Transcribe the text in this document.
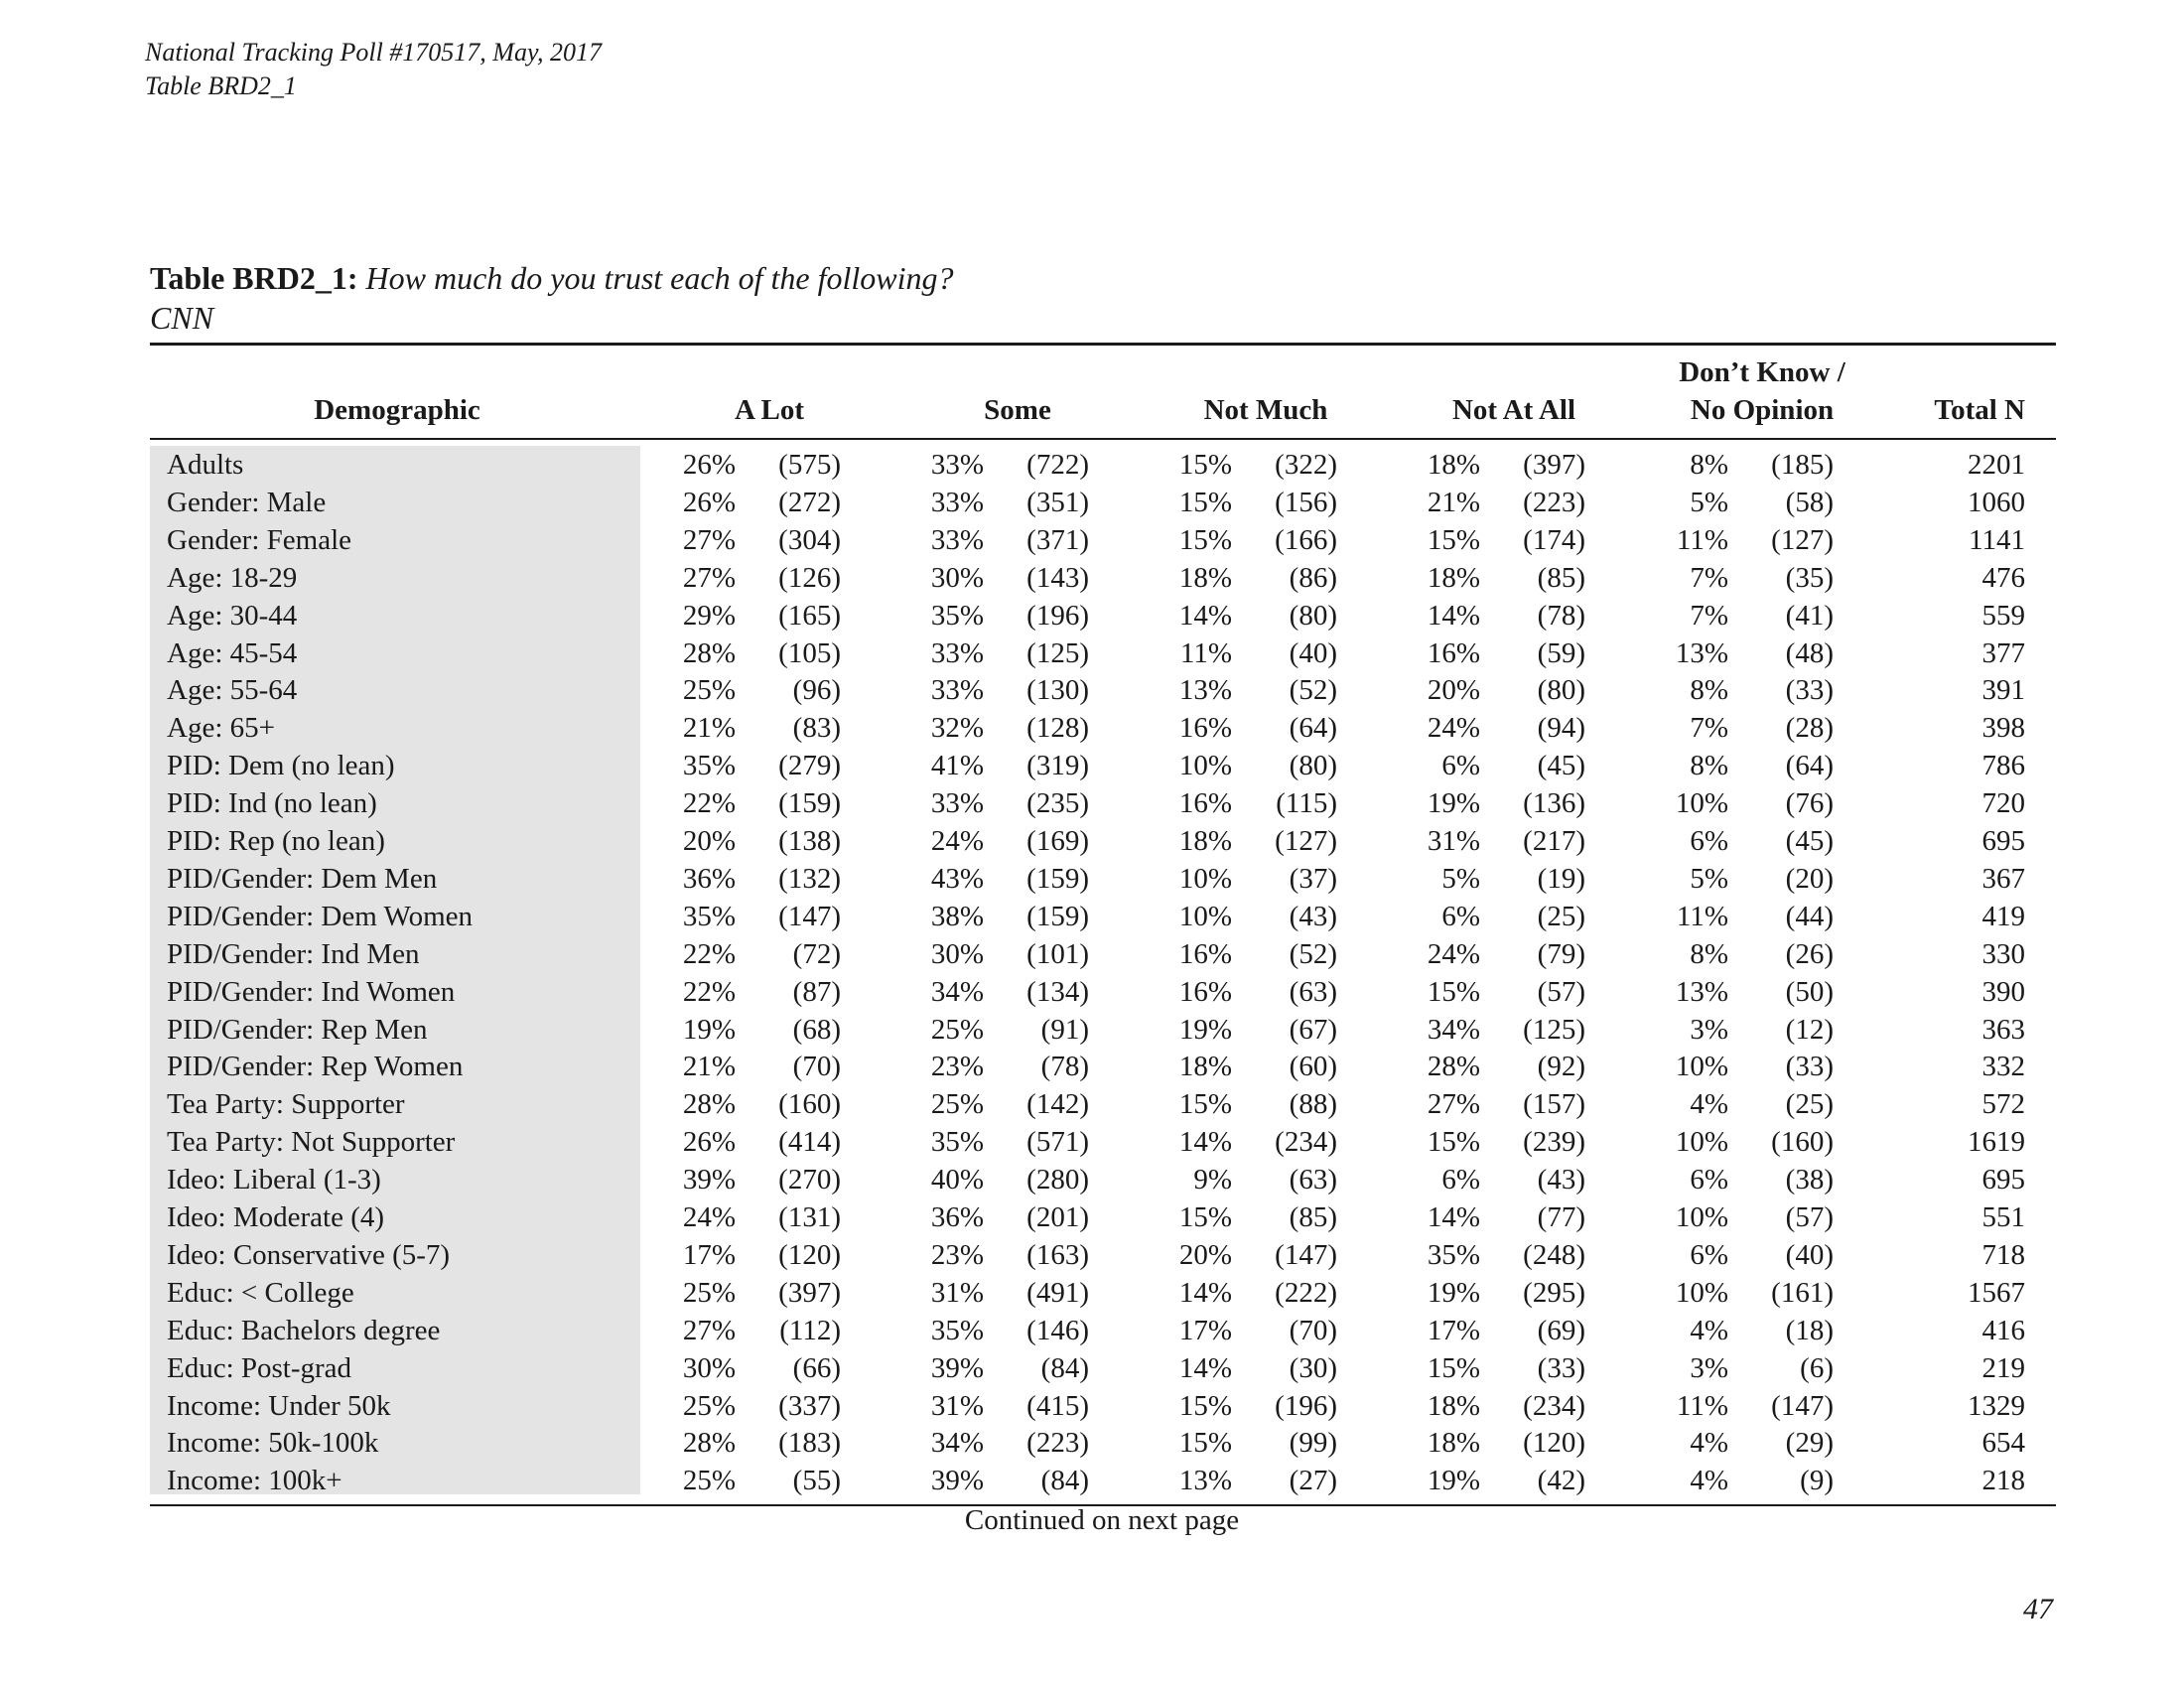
National Tracking Poll #170517, May, 2017
Table BRD2_1
Table BRD2_1: How much do you trust each of the following?
CNN
Demographic	A Lot	Some	Not Much	Not At All
Don’t Know /
No Opinion	Total N
Adults	26% (575)	33% (722)	15% (322)	18% (397)	8% (185)	2201
Gender: Male	26% (272)	33% (351)	15% (156)	21% (223)	5% (58)	1060
Gender: Female	27% (304)	33% (371)	15% (166)	15% (174)	11% (127)	1141
Age: 18-29	27% (126)	30% (143)	18% (86)	18% (85)	7% (35)	476
Age: 30-44	29% (165)	35% (196)	14% (80)	14% (78)	7% (41)	559
Age: 45-54	28% (105)	33% (125)	11% (40)	16% (59)	13% (48)	377
Age: 55-64	25% (96)	33% (130)	13% (52)	20% (80)	8% (33)	391
Age: 65+	21% (83)	32% (128)	16% (64)	24% (94)	7% (28)	398
PID: Dem (no lean)	35% (279)	41% (319)	10% (80)	6% (45)	8% (64)	786
PID: Ind (no lean)	22% (159)	33% (235)	16% (115)	19% (136)	10% (76)	720
PID: Rep (no lean)	20% (138)	24% (169)	18% (127)	31% (217)	6% (45)	695
PID/Gender: Dem Men	36% (132)	43% (159)	10% (37)	5% (19)	5% (20)	367
PID/Gender: Dem Women	35% (147)	38% (159)	10% (43)	6% (25)	11% (44)	419
PID/Gender: Ind Men	22% (72)	30% (101)	16% (52)	24% (79)	8% (26)	330
PID/Gender: Ind Women	22% (87)	34% (134)	16% (63)	15% (57)	13% (50)	390
PID/Gender: Rep Men	19% (68)	25% (91)	19% (67)	34% (125)	3% (12)	363
PID/Gender: Rep Women	21% (70)	23% (78)	18% (60)	28% (92)	10% (33)	332
Tea Party: Supporter	28% (160)	25% (142)	15% (88)	27% (157)	4% (25)	572
Tea Party: Not Supporter	26% (414)	35% (571)	14% (234)	15% (239)	10% (160)	1619
Ideo: Liberal (1-3)	39% (270)	40% (280)	9% (63)	6% (43)	6% (38)	695
Ideo: Moderate (4)	24% (131)	36% (201)	15% (85)	14% (77)	10% (57)	551
Ideo: Conservative (5-7)	17% (120)	23% (163)	20% (147)	35% (248)	6% (40)	718
Educ: < College	25% (397)	31% (491)	14% (222)	19% (295)	10% (161)	1567
Educ: Bachelors degree	27% (112)	35% (146)	17% (70)	17% (69)	4% (18)	416
Educ: Post-grad	30% (66)	39% (84)	14% (30)	15% (33)	3% (6)	219
Income: Under 50k	25% (337)	31% (415)	15% (196)	18% (234)	11% (147)	1329
Income: 50k-100k	28% (183)	34% (223)	15% (99)	18% (120)	4% (29)	654
Income: 100k+	25% (55)	39% (84)	13% (27)	19% (42)	4% (9)	218
Continued on next page
47
